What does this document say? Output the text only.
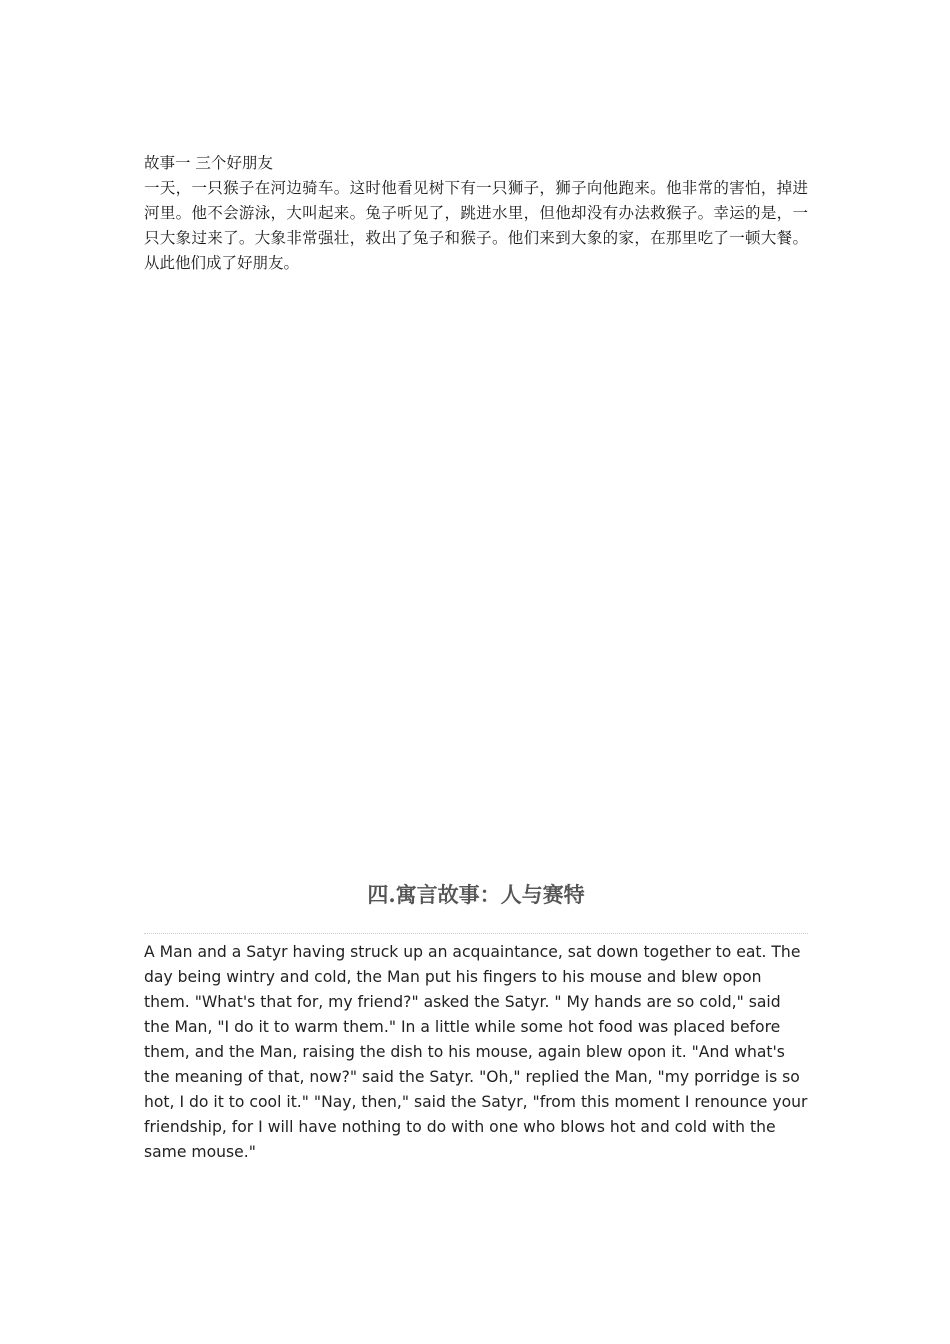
故事一 三个好朋友

一天，一只猴子在河边骑车。这时他看见树下有一只狮子，狮子向他跑来。他非常的害怕，掉进河里。他不会游泳，大叫起来。兔子听见了，跳进水里，但他却没有办法救猴子。幸运的是，一只大象过来了。大象非常强壮，救出了兔子和猴子。他们来到大象的家，在那里吃了一顿大餐。从此他们成了好朋友。

四.寓言故事：人与赛特

A Man and a Satyr having struck up an acquaintance, sat down together to eat. The day being wintry and cold, the Man put his fingers to his mouse and blew opon them. "What's that for, my friend?" asked the Satyr. " My hands are so cold," said the Man, "I do it to warm them." In a little while some hot food was placed before them, and the Man, raising the dish to his mouse, again blew opon it. "And what's the meaning of that, now?" said the Satyr. "Oh," replied the Man, "my porridge is so hot, I do it to cool it." "Nay, then," said the Satyr, "from this moment I renounce your friendship, for I will have nothing to do with one who blows hot and cold with the same mouse."
